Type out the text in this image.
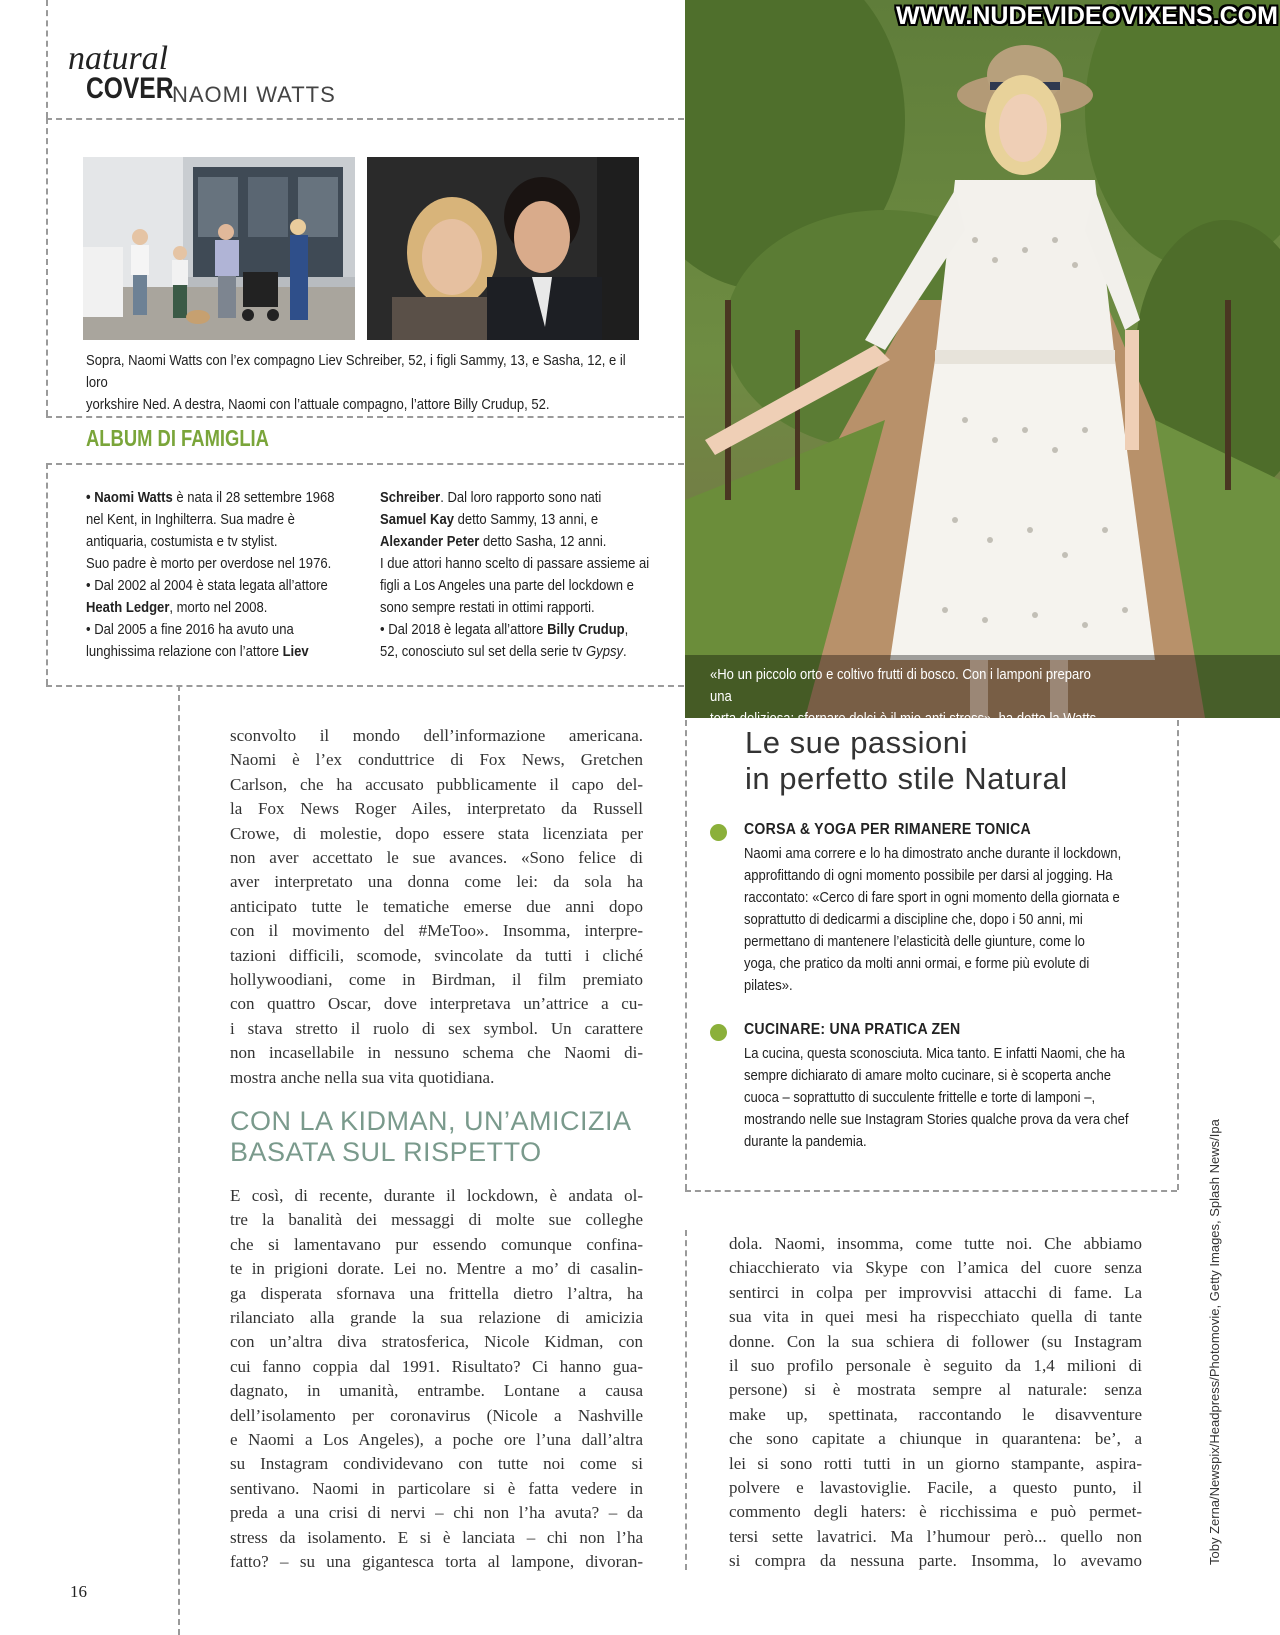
natural
COVER
NAOMI WATTS
Sopra, Naomi Watts con l’ex compagno Liev Schreiber, 52, i figli Sammy, 13, e Sasha, 12, e il loro
yorkshire Ned. A destra, Naomi con l’attuale compagno, l’attore Billy Crudup, 52.
ALBUM DI FAMIGLIA
• Naomi Watts è nata il 28 settembre 1968
nel Kent, in Inghilterra. Sua madre è
antiquaria, costumista e tv stylist.
Suo padre è morto per overdose nel 1976.
• Dal 2002 al 2004 è stata legata all’attore
Heath Ledger, morto nel 2008.
• Dal 2005 a fine 2016 ha avuto una
lunghissima relazione con l’attore Liev
Schreiber. Dal loro rapporto sono nati
Samuel Kay detto Sammy, 13 anni, e
Alexander Peter detto Sasha, 12 anni.
I due attori hanno scelto di passare assieme ai
figli a Los Angeles una parte del lockdown e
sono sempre restati in ottimi rapporti.
• Dal 2018 è legata all’attore Billy Crudup,
52, conosciuto sul set della serie tv Gypsy.
«Ho un piccolo orto e coltivo frutti di bosco. Con i lamponi preparo una
torta deliziosa: sfornare dolci è il mio anti stress», ha detto la Watts.
WWW.NUDEVIDEOVIXENS.COM
sconvolto il mondo dell’informazione americana.
Naomi è l’ex conduttrice di Fox News, Gretchen
Carlson, che ha accusato pubblicamente il capo del-
la Fox News Roger Ailes, interpretato da Russell
Crowe, di molestie, dopo essere stata licenziata per
non aver accettato le sue avances. «Sono felice di
aver interpretato una donna come lei: da sola ha
anticipato tutte le tematiche emerse due anni dopo
con il movimento del #MeToo». Insomma, interpre-
tazioni difficili, scomode, svincolate da tutti i cliché
hollywoodiani, come in Birdman, il film premiato
con quattro Oscar, dove interpretava un’attrice a cu-
i stava stretto il ruolo di sex symbol. Un carattere
non incasellabile in nessuno schema che Naomi di-
mostra anche nella sua vita quotidiana.
CON LA KIDMAN, UN’AMICIZIA
BASATA SUL RISPETTO
E così, di recente, durante il lockdown, è andata ol-
tre la banalità dei messaggi di molte sue colleghe
che si lamentavano pur essendo comunque confina-
te in prigioni dorate. Lei no. Mentre a mo’ di casalin-
ga disperata sfornava una frittella dietro l’altra, ha
rilanciato alla grande la sua relazione di amicizia
con un’altra diva stratosferica, Nicole Kidman, con
cui fanno coppia dal 1991. Risultato? Ci hanno gua-
dagnato, in umanità, entrambe. Lontane a causa
dell’isolamento per coronavirus (Nicole a Nashville
e Naomi a Los Angeles), a poche ore l’una dall’altra
su Instagram condividevano con tutte noi come si
sentivano. Naomi in particolare si è fatta vedere in
preda a una crisi di nervi – chi non l’ha avuta? – da
stress da isolamento. E si è lanciata – chi non l’ha
fatto? – su una gigantesca torta al lampone, divoran-
Le sue passioni
in perfetto stile Natural
CORSA & YOGA PER RIMANERE TONICA
Naomi ama correre e lo ha dimostrato anche durante il lockdown,
approfittando di ogni momento possibile per darsi al jogging. Ha
raccontato: «Cerco di fare sport in ogni momento della giornata e
soprattutto di dedicarmi a discipline che, dopo i 50 anni, mi
permettano di mantenere l’elasticità delle giunture, come lo
yoga, che pratico da molti anni ormai, e forme più evolute di
pilates».
CUCINARE: UNA PRATICA ZEN
La cucina, questa sconosciuta. Mica tanto. E infatti Naomi, che ha
sempre dichiarato di amare molto cucinare, si è scoperta anche
cuoca – soprattutto di succulente frittelle e torte di lamponi –,
mostrando nelle sue Instagram Stories qualche prova da vera chef
durante la pandemia.
dola. Naomi, insomma, come tutte noi. Che abbiamo
chiacchierato via Skype con l’amica del cuore senza
sentirci in colpa per improvvisi attacchi di fame. La
sua vita in quei mesi ha rispecchiato quella di tante
donne. Con la sua schiera di follower (su Instagram
il suo profilo personale è seguito da 1,4 milioni di
persone) si è mostrata sempre al naturale: senza
make up, spettinata, raccontando le disavventure
che sono capitate a chiunque in quarantena: be’, a
lei si sono rotti tutti in un giorno stampante, aspira-
polvere e lavastoviglie. Facile, a questo punto, il
commento degli haters: è ricchissima e può permet-
tersi sette lavatrici. Ma l’humour però... quello non
si compra da nessuna parte. Insomma, lo avevamo	Toby Zerna/Newspix/Headpress/Photomovie, Getty Images, Splash News/Ipa
16
